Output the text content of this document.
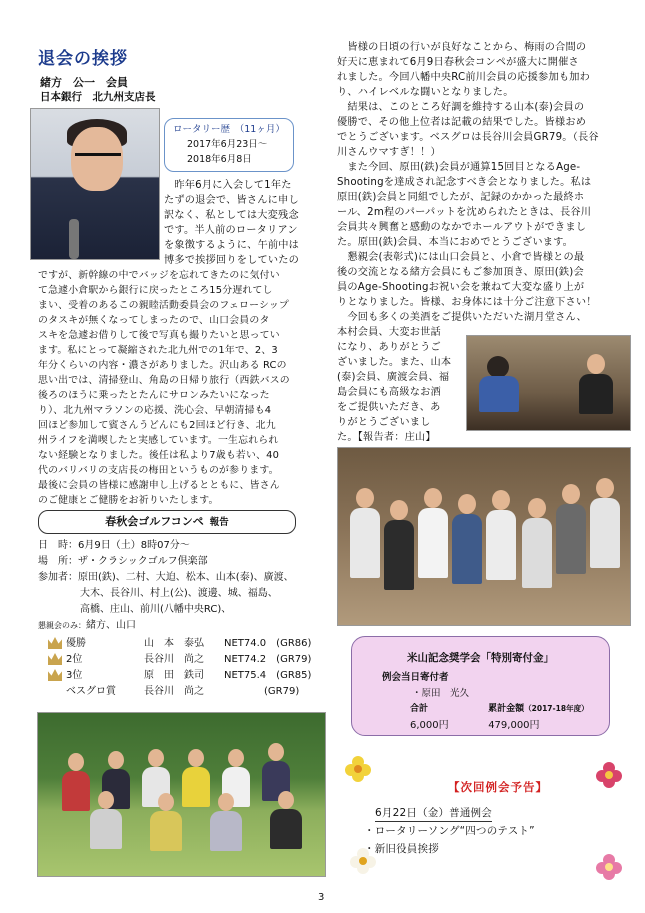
退会の挨拶
緒方　公一　会員
日本銀行　北九州支店長
ロータリー歴　（11ヶ月）
2017年6月23日～
2018年6月8日
　昨年6月に入会して1年た
たずの退会で、皆さんに申し
訳なく、私としては大変残念
です。半人前のロータリアン
を象徴するように、午前中は
博多で挨拶回りをしていたの
ですが、新幹線の中でバッジを忘れてきたのに気付い
て急遽小倉駅から銀行に戻ったところ15分遅れてし
まい、受着のあるこの親睦活動委員会のフェローシップ
のタスキが無くなってしまったので、山口会員のタ
スキを急遽お借りして後で写真も撮りたいと思ってい
ます。私にとって凝縮された北九州での1年で、2、3
年分くらいの内容・濃さがありました。沢山ある RCの
思い出では、清掃登山、角島の日帰り旅行（西鉄バスの
後ろのほうに乗ったとたんにサロンみたいになった
り）、北九州マラソンの応援、洗心会、早朝清掃も4
回ほど参加して賓さんうどんにも2回ほど行き、北九
州ライフを満喫したと実感しています。一生忘れられ
ない経験となりました。後任は私より7歳も若い、40
代のバリバリの支店長の梅田というものが参ります。
最後に会員の皆様に感謝申し上げるとともに、皆さん
のご健康とご健勝をお祈りいたします。
春秋会ゴルフコンペ 報告
日　時：6月9日（土）8時07分～
場　所：ザ・クラシックゴルフ倶楽部
参加者：原田(鉄)、二村、大迫、松本、山本(泰)、廣渡、
大木、長谷川、村上(公)、渡邊、城、福島、
高橋、庄山、前川(八幡中央RC)、
懇親会のみ：緒方、山口
優勝	山　本　泰弘 NET74.0　(GR86)
2位	長谷川　尚之 NET74.2　(GR79)
3位	原　田　鉄司 NET75.4　(GR85)
ベスグロ賞	長谷川　尚之	(GR79)
　皆様の日頃の行いが良好なことから、梅雨の合間の
好天に恵まれて6月9日春秋会コンペが盛大に開催さ
れました。今回八幡中央RC前川会員の応援参加も加わ
り、ハイレベルな闘いとなりました。
　結果は、このところ好調を維持する山本(泰)会員の
優勝で、その他上位者は記載の結果でした。皆様おめ
でとうございます。ベスグロは長谷川会員GR79。（長谷
川さんウマすぎ！！）
　また今回、原田(鉄)会員が通算15回目となるAge-
Shootingを達成され記念すべき会となりました。私は
原田(鉄)会員と同組でしたが、記録のかかった最終ホ
ール、2m程のパーパットを沈められたときは、長谷川
会員共々興奮と感動のなかでホールアウトができまし
た。原田(鉄)会員、本当におめでとうございます。
　懇親会(表彰式)には山口会員と、小倉で皆様との最
後の交流となる緒方会員にもご参加頂き、原田(鉄)会
員のAge-Shootingお祝い会を兼ねて大変な盛り上が
りとなりました。皆様、お身体には十分ご注意下さい！
　今回も多くの美酒をご提供いただいた湖月堂さん、
本村会員、大変お世話
になり、ありがとうご
ざいました。また、山本
(泰)会員、廣渡会員、福
島会員にも高級なお酒
をご提供いただき、あ
りがとうございまし
た。【報告者：庄山】
米山記念奨学会「特別寄付金」
例会当日寄付者
・原田　光久
合計	累計金額（2017-18年度）
6,000円	479,000円
【次回例会予告】
6月22日（金）普通例会
・ロータリーソング“四つのテスト”
・新旧役員挨拶
3
